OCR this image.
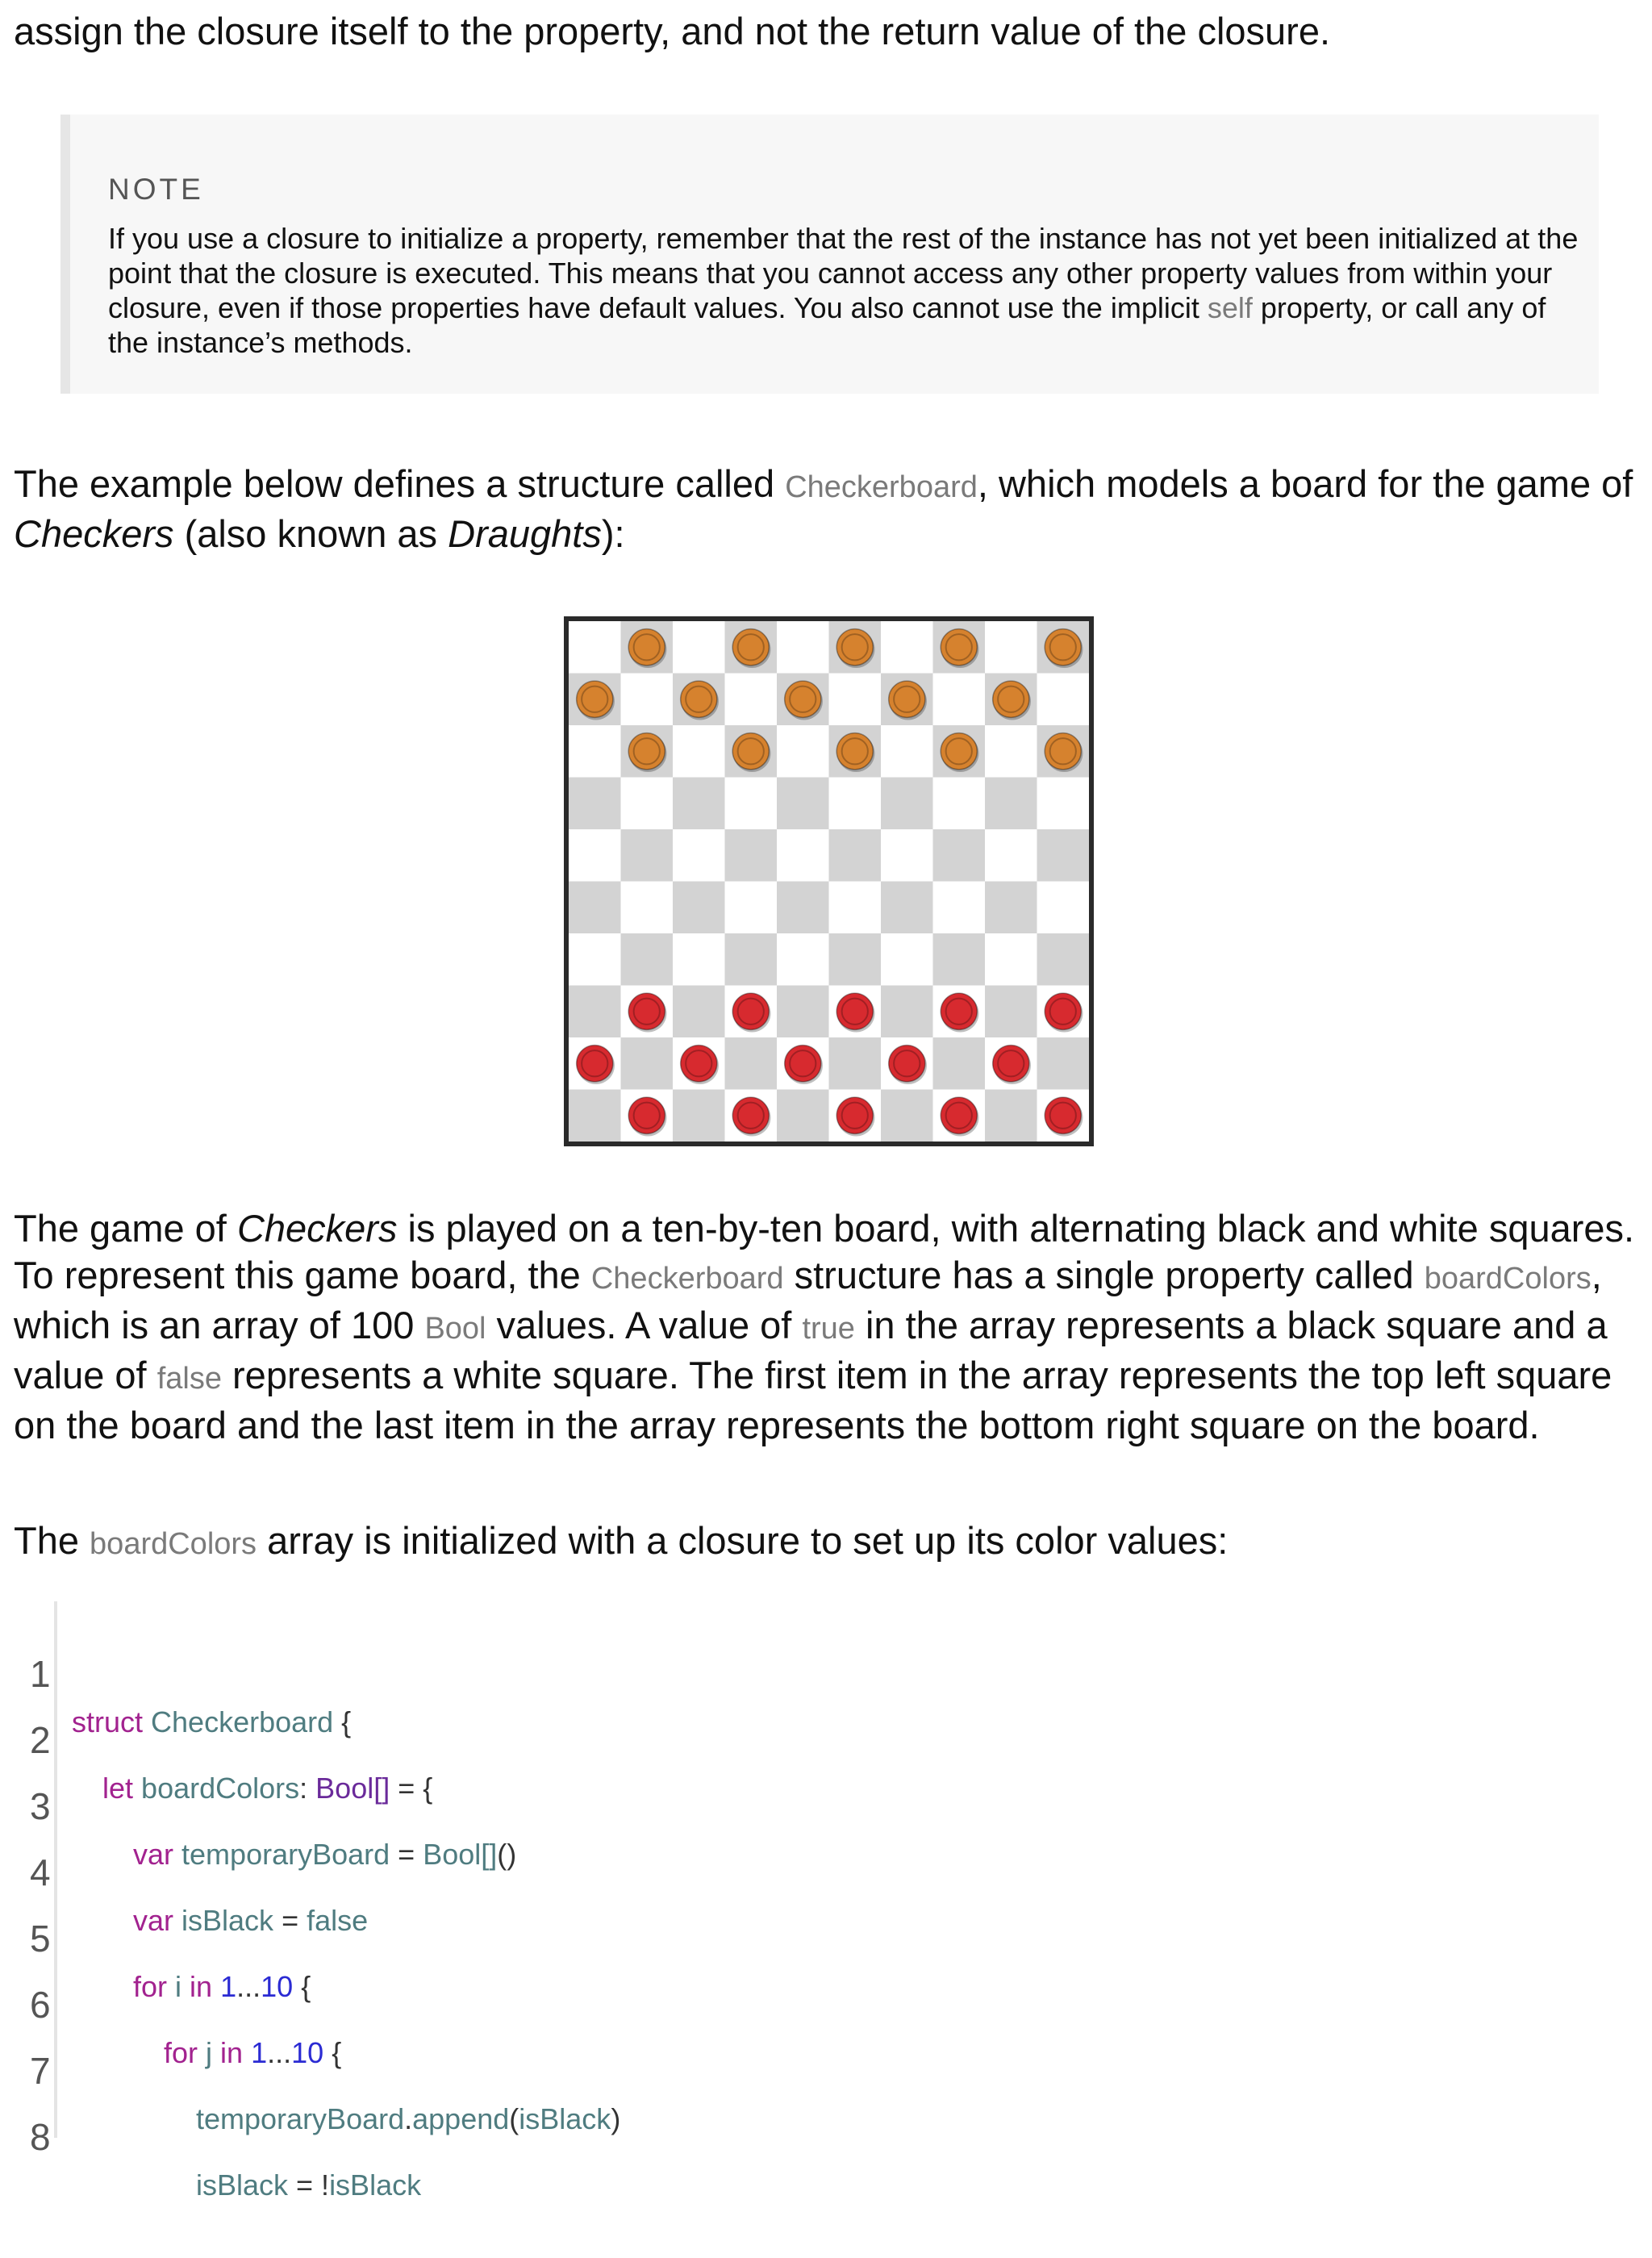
assign the closure itself to the property, and not the return value of the closure.

NOTE
If you use a closure to initialize a property, remember that the rest of the instance has not yet been initialized at the point that the closure is executed. This means that you cannot access any other property values from within your closure, even if those properties have default values. You also cannot use the implicit self property, or call any of the instance’s methods.

The example below defines a structure called Checkerboard, which models a board for the game of Checkers (also known as Draughts):

The game of Checkers is played on a ten-by-ten board, with alternating black and white squares. To represent this game board, the Checkerboard structure has a single property called boardColors, which is an array of 100 Bool values. A value of true in the array represents a black square and a value of false represents a white square. The first item in the array represents the top left square on the board and the last item in the array represents the bottom right square on the board.

The boardColors array is initialized with a closure to set up its color values:

1

struct Checkerboard {

2

let boardColors: Bool[] = {

3

var temporaryBoard = Bool[]()

4

var isBlack = false

5

for i in 1...10 {

6

for j in 1...10 {

7

temporaryBoard.append(isBlack)

8

isBlack = !isBlack
